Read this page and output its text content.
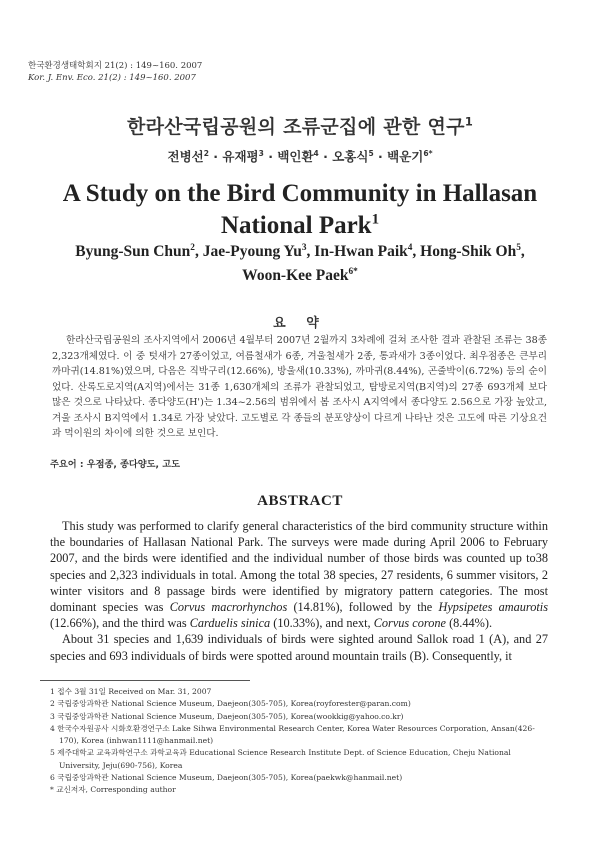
한국환경생태학회지 21(2) : 149~160. 2007
Kor. J. Env. Eco. 21(2) : 149~160. 2007
한라산국립공원의 조류군집에 관한 연구$^1$
전병선$^2$ · 유재평$^3$ · 백인환$^4$ · 오홍식$^5$ · 백운기$^{6*}$
A Study on the Bird Community in Hallasan
National Park$^1$
Byung-Sun Chun$^2$, Jae-Pyoung Yu$^3$, In-Hwan Paik$^4$, Hong-Shik Oh$^5$,
Woon-Kee Paek$^{6*}$
요 약
한라산국립공원의 조사지역에서 2006년 4월부터 2007년 2월까지 3차례에 걸쳐 조사한 결과 관찰된 조류는 38종 2,323개체였다. 이 중 텃새가 27종이었고, 여름철새가 6종, 겨울철새가 2종, 통과새가 3종이었다. 최우점종은 큰부리까마귀(14.81%)였으며, 다음은 직박구리(12.66%), 방울새(10.33%), 까마귀(8.44%), 곤줄박이(6.72%) 등의 순이었다. 산록도로지역(A지역)에서는 31종 1,630개체의 조류가 관찰되었고, 탐방로지역(B지역)의 27종 693개체 보다 많은 것으로 나타났다. 종다양도(H')는 1.34~2.56의 범위에서 봄 조사시 A지역에서 종다양도 2.56으로 가장 높았고, 겨울 조사시 B지역에서 1.34로 가장 낮았다. 고도별로 각 종들의 분포양상이 다르게 나타난 것은 고도에 따른 기상요건과 먹이원의 차이에 의한 것으로 보인다.
주요어 : 우점종, 종다양도, 고도
ABSTRACT

This study was performed to clarify general characteristics of the bird community structure within the boundaries of Hallasan National Park. The surveys were made during April 2006 to February 2007, and the birds were identified and the individual number of those birds was counted up to38 species and 2,323 individuals in total. Among the total 38 species, 27 residents, 6 summer visitors, 2 winter visitors and 8 passage birds were identified by migratory pattern categories. The most dominant species was Corvus macrorhynchos (14.81%), followed by the Hypsipetes amaurotis (12.66%), and the third was Carduelis sinica (10.33%), and next, Corvus corone (8.44%).

About 31 species and 1,639 individuals of birds were sighted around Sallok road 1 (A), and 27 species and 693 individuals of birds were spotted around mountain trails (B). Consequently, it

1 접수 3월 31일 Received on Mar. 31, 2007

2 국립중앙과학관 National Science Museum, Daejeon(305-705), Korea(royforester@paran.com)

3 국립중앙과학관 National Science Museum, Daejeon(305-705), Korea(wookkig@yahoo.co.kr)

4 한국수자원공사 시화호환경연구소 Lake Sihwa Environmental Research Center, Korea Water Resources Corporation, Ansan(426-170), Korea (inhwan1111@hanmail.net)

5 제주대학교 교육과학연구소 과학교육과 Educational Science Research Institute Dept. of Science Education, Cheju National University, Jeju(690-756), Korea

6 국립중앙과학관 National Science Museum, Daejeon(305-705), Korea(paekwk@hanmail.net)

* 교신저자, Corresponding author
